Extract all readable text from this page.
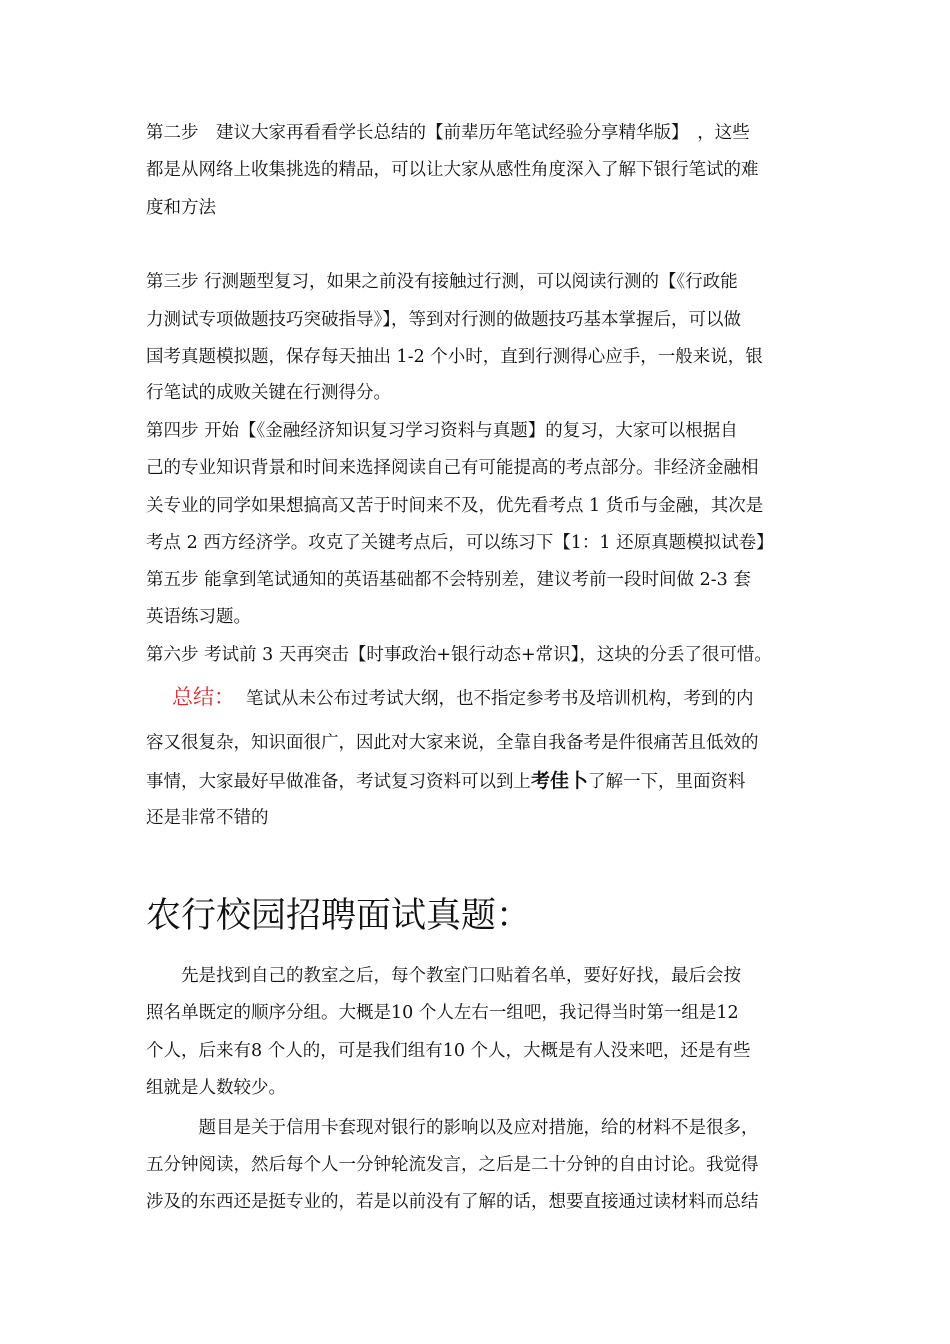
第二步　建议大家再看看学长总结的【前辈历年笔试经验分享精华版】　，这些
都是从网络上收集挑选的精品，可以让大家从感性角度深入了解下银行笔试的难
度和方法
第三步 行测题型复习，如果之前没有接触过行测，可以阅读行测的【《行政能
力测试专项做题技巧突破指导》】，等到对行测的做题技巧基本掌握后，可以做
国考真题模拟题，保存每天抽出 1-2 个小时，直到行测得心应手，一般来说，银
行笔试的成败关键在行测得分。
第四步 开始【《金融经济知识复习学习资料与真题】的复习，大家可以根据自
己的专业知识背景和时间来选择阅读自己有可能提高的考点部分。非经济金融相
关专业的同学如果想搞高又苦于时间来不及，优先看考点 1 货币与金融，其次是
考点 2 西方经济学。攻克了关键考点后，可以练习下【1：1 还原真题模拟试卷】
第五步 能拿到笔试通知的英语基础都不会特别差，建议考前一段时间做 2-3 套
英语练习题。
第六步 考试前 3 天再突击【时事政治+银行动态+常识】，这块的分丢了很可惜。
总结： 笔试从未公布过考试大纲，也不指定参考书及培训机构，考到的内
容又很复杂，知识面很广，因此对大家来说，全靠自我备考是件很痛苦且低效的
事情，大家最好早做准备，考试复习资料可以到上考佳卜了解一下，里面资料
还是非常不错的
农行校园招聘面试真题：
　　先是找到自己的教室之后，每个教室门口贴着名单，要好好找，最后会按
照名单既定的顺序分组。大概是10 个人左右一组吧，我记得当时第一组是12
个人，后来有8 个人的，可是我们组有10 个人，大概是有人没来吧，还是有些
组就是人数较少。
　　　题目是关于信用卡套现对银行的影响以及应对措施，给的材料不是很多，
五分钟阅读，然后每个人一分钟轮流发言，之后是二十分钟的自由讨论。我觉得
涉及的东西还是挺专业的，若是以前没有了解的话，想要直接通过读材料而总结
